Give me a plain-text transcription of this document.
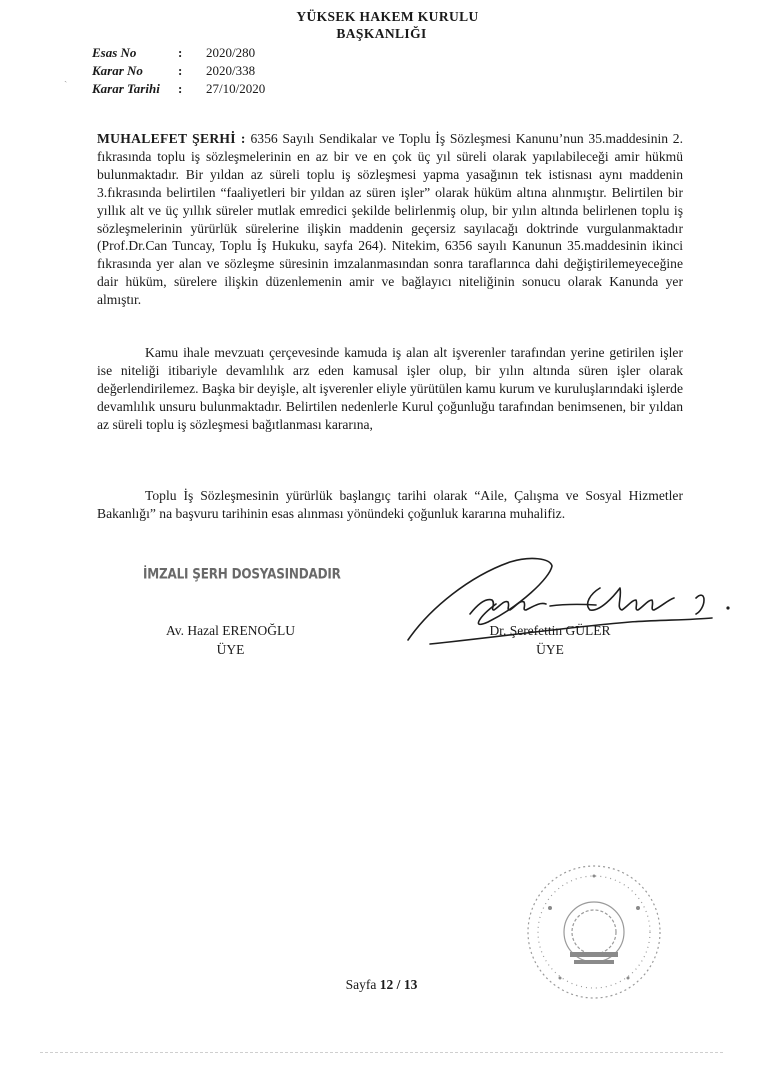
ˎ
YÜKSEK HAKEM KURULU
BAŞKANLIĞI
Esas No	:	2020/280
Karar No	:	2020/338
Karar Tarihi	:	27/10/2020
MUHALEFET ŞERHİ : 6356 Sayılı Sendikalar ve Toplu İş Sözleşmesi Kanunu’nun 35.maddesinin 2. fıkrasında toplu iş sözleşmelerinin en az bir ve en çok üç yıl süreli olarak yapılabileceği amir hükmü bulunmaktadır. Bir yıldan az süreli toplu iş sözleşmesi yapma yasağının tek istisnası aynı maddenin 3.fıkrasında belirtilen “faaliyetleri bir yıldan az süren işler” olarak hüküm altına alınmıştır. Belirtilen bir yıllık alt ve üç yıllık süreler mutlak emredici şekilde belirlenmiş olup, bir yılın altında belirlenen toplu iş sözleşmelerinin yürürlük sürelerine ilişkin maddenin geçersiz sayılacağı doktrinde vurgulanmaktadır (Prof.Dr.Can Tuncay, Toplu İş Hukuku, sayfa 264). Nitekim, 6356 sayılı Kanunun 35.maddesinin ikinci fıkrasında yer alan ve sözleşme süresinin imzalanmasından sonra taraflarınca dahi değiştirilemeyeceğine dair hüküm, sürelere ilişkin düzenlemenin amir ve bağlayıcı niteliğinin sonucu olarak Kanunda yer almıştır.
Kamu ihale mevzuatı çerçevesinde kamuda iş alan alt işverenler tarafından yerine getirilen işler ise niteliği itibariyle devamlılık arz eden kamusal işler olup, bir yılın altında süren işler olarak değerlendirilemez. Başka bir deyişle, alt işverenler eliyle yürütülen kamu kurum ve kuruluşlarındaki işlerde devamlılık unsuru bulunmaktadır. Belirtilen nedenlerle Kurul çoğunluğu tarafından benimsenen, bir yıldan az süreli toplu iş sözleşmesi bağıtlanması kararına,
Toplu İş Sözleşmesinin yürürlük başlangıç tarihi olarak “Aile, Çalışma ve Sosyal Hizmetler Bakanlığı” na başvuru tarihinin esas alınması yönündeki çoğunluk kararına muhalifiz.
İMZALI ŞERH DOSYASINDADIR
Av. Hazal ERENOĞLU
ÜYE
Dr. Şerefettin GÜLER
ÜYE
Sayfa 12 / 13
